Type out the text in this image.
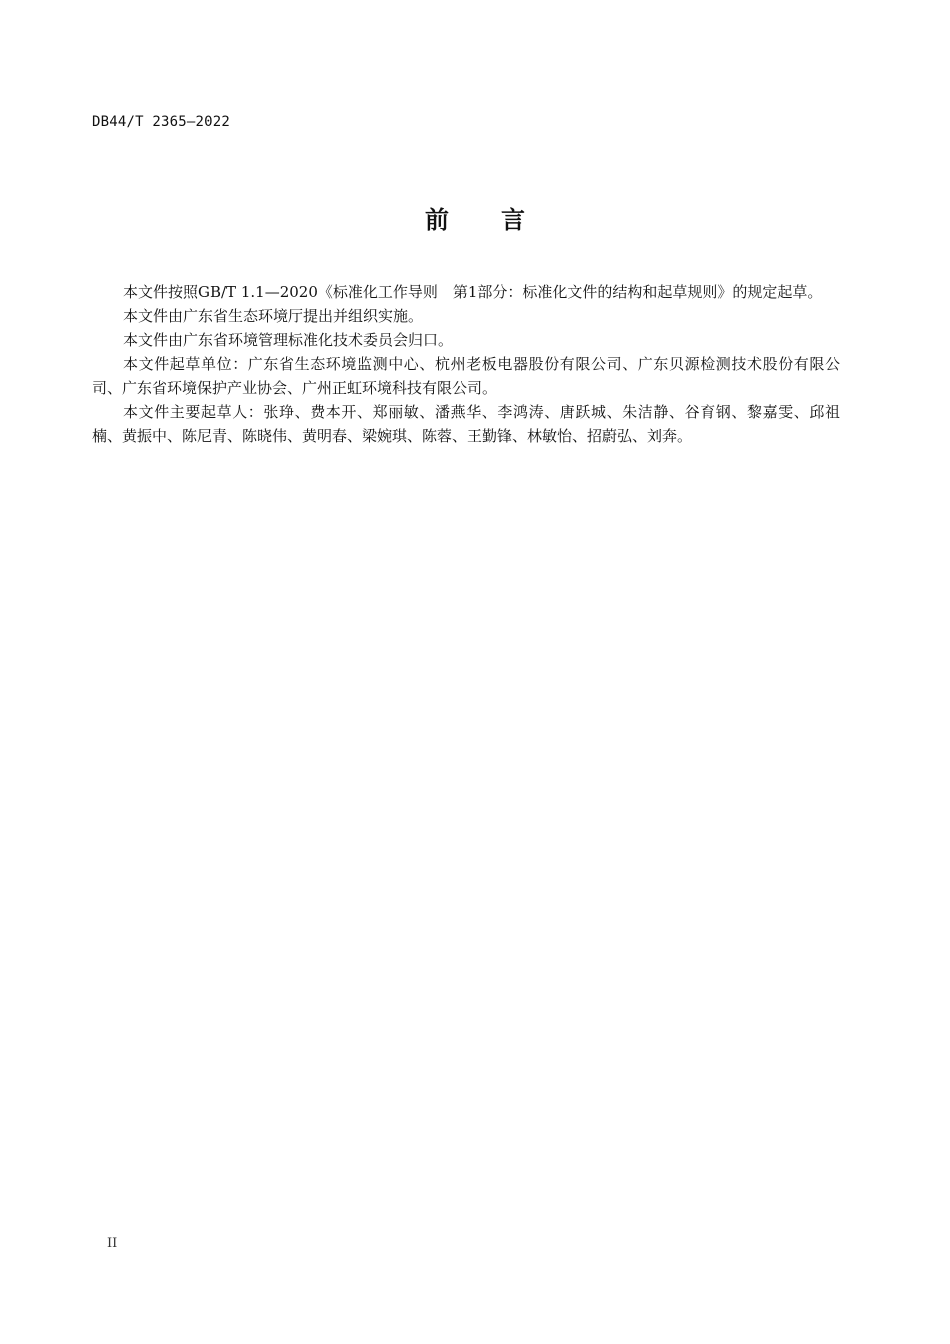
DB44/T 2365—2022
前 言

本文件按照GB/T 1.1—2020《标准化工作导则　第1部分：标准化文件的结构和起草规则》的规定起草。

本文件由广东省生态环境厅提出并组织实施。

本文件由广东省环境管理标准化技术委员会归口。

本文件起草单位：广东省生态环境监测中心、杭州老板电器股份有限公司、广东贝源检测技术股份有限公司、广东省环境保护产业协会、广州正虹环境科技有限公司。

本文件主要起草人：张琤、费本开、郑丽敏、潘燕华、李鸿涛、唐跃城、朱洁静、谷育钢、黎嘉雯、邱祖楠、黄振中、陈尼青、陈晓伟、黄明春、梁婉琪、陈蓉、王勤锋、林敏怡、招蔚弘、刘奔。

II
